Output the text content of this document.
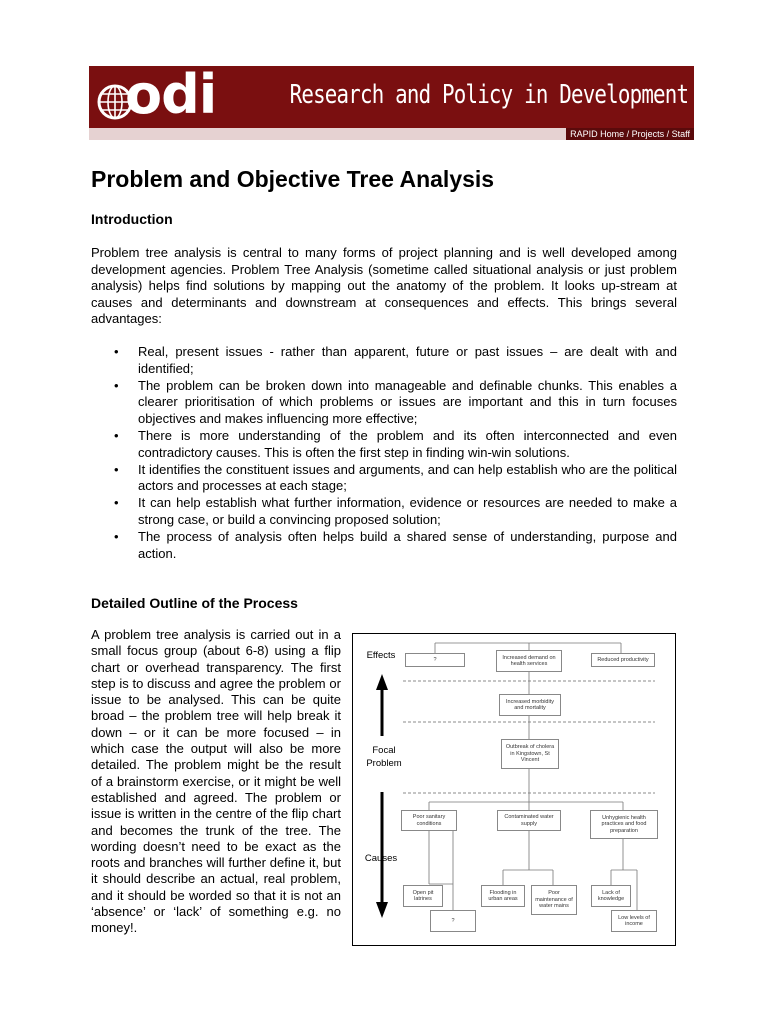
odi	Research and Policy in Development
RAPID Home / Projects / Staff
Problem and Objective Tree Analysis
Introduction

Problem tree analysis is central to many forms of project planning and is well developed among development agencies. Problem Tree Analysis (sometime called situational analysis or just problem analysis) helps find solutions by mapping out the anatomy of the problem. It looks up-stream at causes and determinants and downstream at consequences and effects. This brings several advantages:

• Real, present issues - rather than apparent, future or past issues – are dealt with and identified;
• The problem can be broken down into manageable and definable chunks. This enables a clearer prioritisation of which problems or issues are important and this in turn focuses objectives and makes influencing more effective;
• There is more understanding of the problem and its often interconnected and even contradictory causes. This is often the first step in finding win-win solutions.
• It identifies the constituent issues and arguments, and can help establish who are the political actors and processes at each stage;
• It can help establish what further information, evidence or resources are needed to make a strong case, or build a convincing proposed solution;
• The process of analysis often helps build a shared sense of understanding, purpose and action.
Detailed Outline of the Process

A problem tree analysis is carried out in a small focus group (about 6-8) using a flip chart or overhead transparency. The first step is to discuss and agree the problem or issue to be analysed. This can be quite broad – the problem tree will help break it down – or it can be more focused – in which case the output will also be more detailed. The problem might be the result of a brainstorm exercise, or it might be well established and agreed. The problem or issue is written in the centre of the flip chart and becomes the trunk of the tree. The wording doesn’t need to be exact as the roots and branches will further define it, but it should describe an actual, real problem, and it should be worded so that it is not an ‘absence’ or ‘lack’ of something e.g. no money!.

Effects
Focal
Problem
Causes
?	Increased demand on health services
Reduced productivity
Increased morbidity and mortality
Outbreak of cholera in Kingstown, St Vincent
Poor sanitary conditions
Contaminated water supply
Unhygienic health practices and food preparation
Open pit latrines
?
Flooding in urban areas
Poor maintenance of water mains
Lack of knowledge
Low levels of income
